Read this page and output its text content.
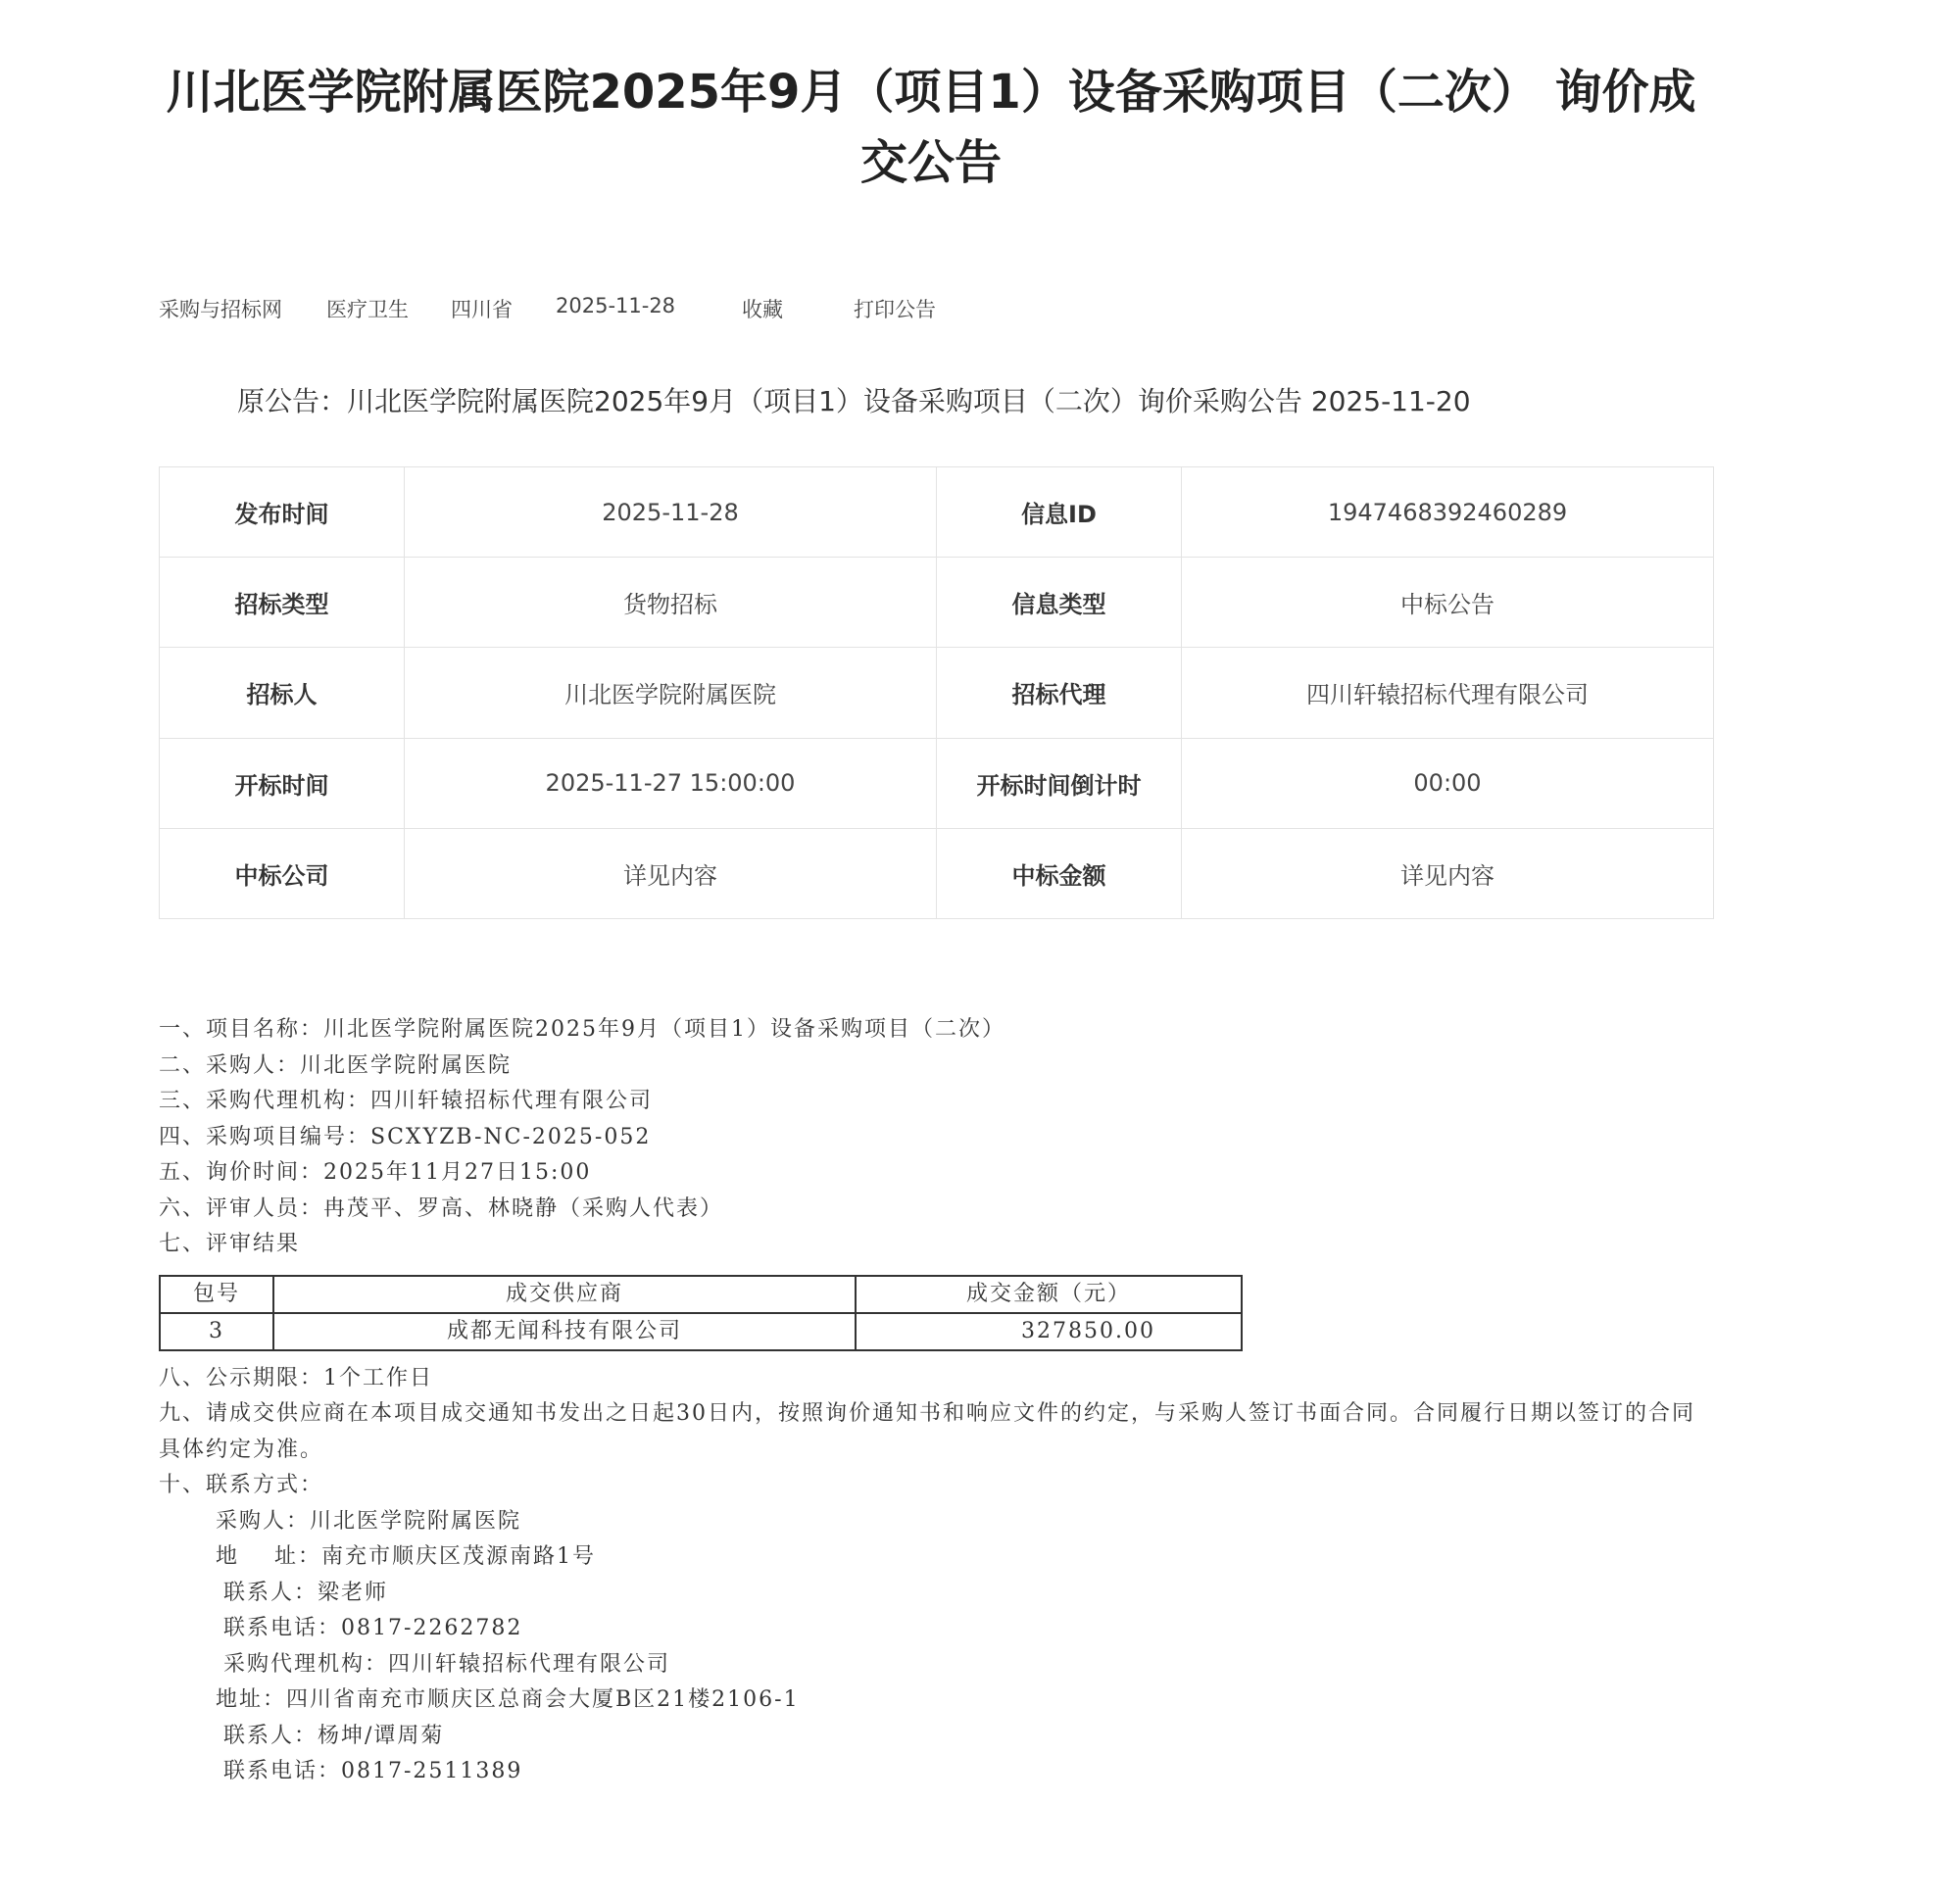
川北医学院附属医院2025年9月（项目1）设备采购项目（二次） 询价成交公告
采购与招标网 医疗卫生 四川省 2025-11-28	收藏	打印公告
原公告：川北医学院附属医院2025年9月（项目1）设备采购项目（二次）询价采购公告 2025-11-20
发布时间	2025-11-28	信息ID	1947468392460289
招标类型	货物招标	信息类型	中标公告
招标人	川北医学院附属医院	招标代理	四川轩辕招标代理有限公司
开标时间	2025-11-27 15:00:00	开标时间倒计时	00:00
中标公司	详见内容	中标金额	详见内容
一、项目名称：川北医学院附属医院2025年9月（项目1）设备采购项目（二次）
二、采购人：川北医学院附属医院
三、采购代理机构：四川轩辕招标代理有限公司
四、采购项目编号：SCXYZB-NC-2025-052
五、询价时间：2025年11月27日15:00
六、评审人员：冉茂平、罗高、林晓静（采购人代表）
七、评审结果
包号	成交供应商	成交金额（元）
3	成都无闻科技有限公司	327850.00
八、公示期限：1个工作日
九、请成交供应商在本项目成交通知书发出之日起30日内，按照询价通知书和响应文件的约定，与采购人签订书面合同。合同履行日期以签订的合同具体约定为准。
十、联系方式：
采购人：川北医学院附属医院
地    址：南充市顺庆区茂源南路1号
联系人：梁老师
联系电话：0817-2262782
采购代理机构：四川轩辕招标代理有限公司
地址：四川省南充市顺庆区总商会大厦B区21楼2106-1
联系人：杨坤/谭周菊
联系电话：0817-2511389
